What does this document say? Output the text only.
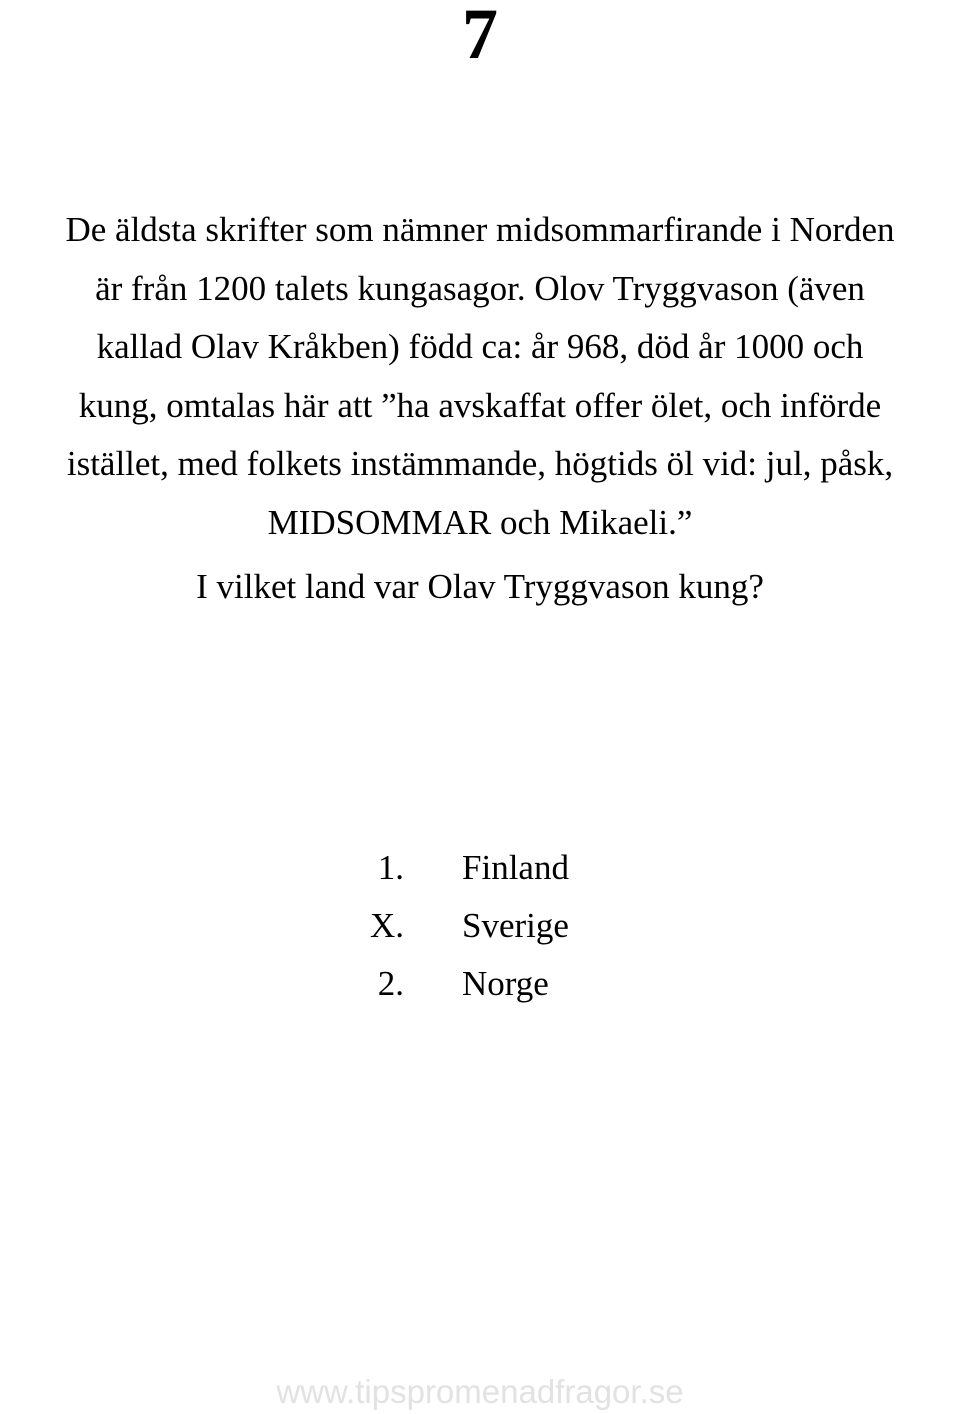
7

De äldsta skrifter som nämner midsommarfirande i Norden
är från 1200 talets kungasagor. Olov Tryggvason (även
kallad Olav Kråkben) född ca: år 968, död år 1000 och
kung, omtalas här att ”ha avskaffat offer ölet, och införde
istället, med folkets instämmande, högtids öl vid: jul, påsk,
MIDSOMMAR och Mikaeli.”

I vilket land var Olav Tryggvason kung?

1. Finland
X. Sverige
2. Norge

www.tipspromenadfragor.se
